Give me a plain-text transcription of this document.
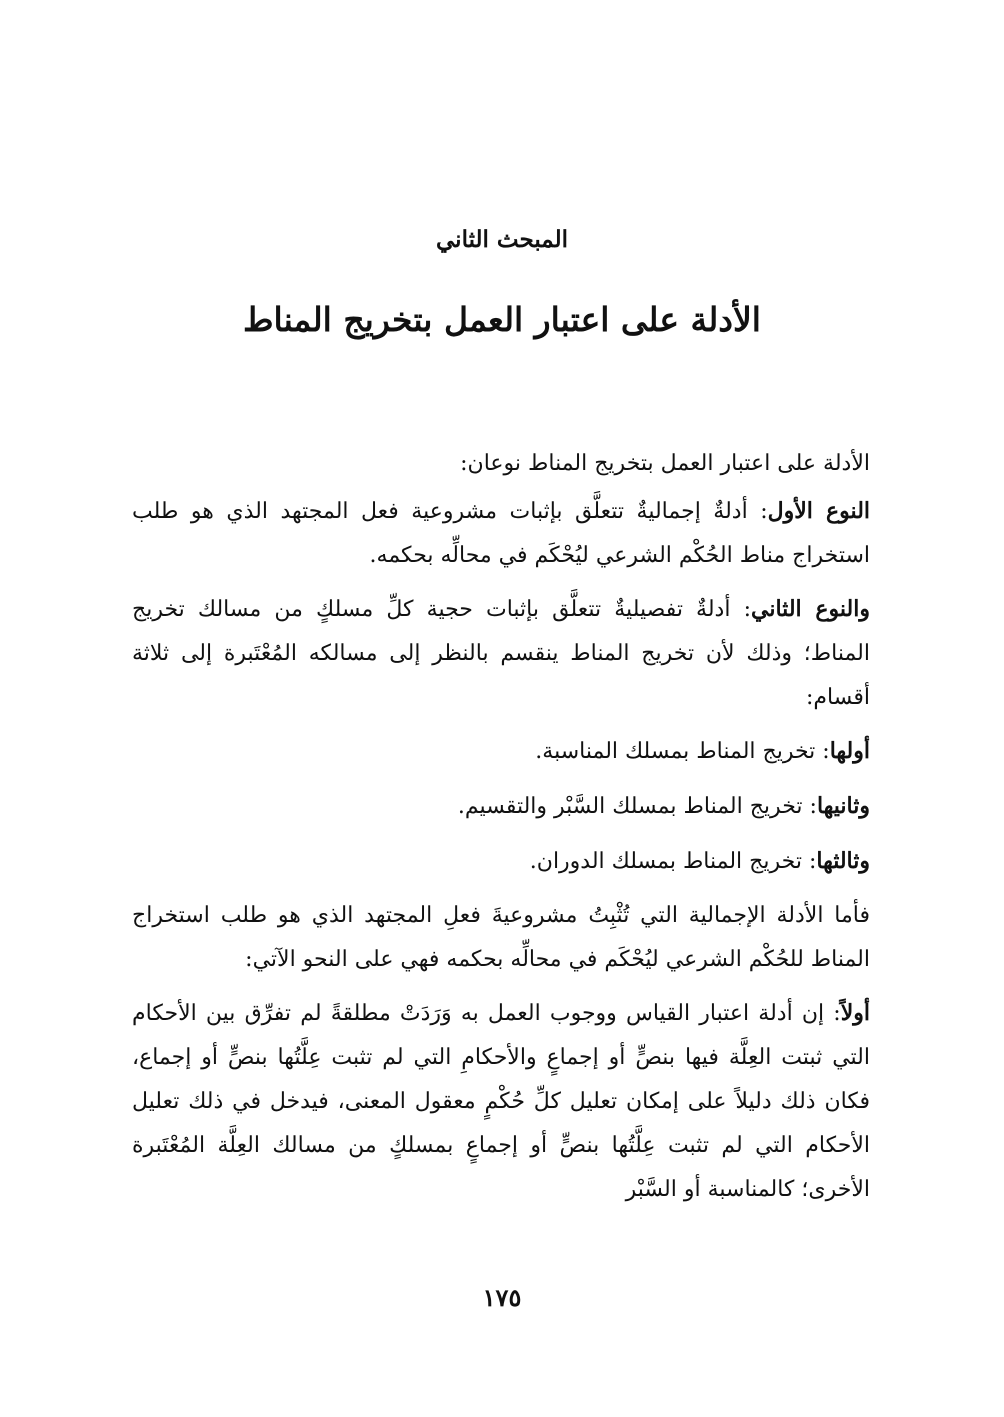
المبحث الثاني
الأدلة على اعتبار العمل بتخريج المناط

الأدلة على اعتبار العمل بتخريج المناط نوعان:

النوع الأول: أدلةٌ إجماليةٌ تتعلَّق بإثبات مشروعية فعل المجتهد الذي هو طلب استخراج مناط الحُكْم الشرعي ليُحْكَم في محالِّه بحكمه.

والنوع الثاني: أدلةٌ تفصيليةٌ تتعلَّق بإثبات حجية كلِّ مسلكٍ من مسالك تخريج المناط؛ وذلك لأن تخريج المناط ينقسم بالنظر إلى مسالكه المُعْتَبرة إلى ثلاثة أقسام:

أولها: تخريج المناط بمسلك المناسبة.

وثانيها: تخريج المناط بمسلك السَّبْر والتقسيم.

وثالثها: تخريج المناط بمسلك الدوران.

فأما الأدلة الإجمالية التي تُثْبِتُ مشروعيةَ فعلِ المجتهد الذي هو طلب استخراج المناط للحُكْم الشرعي ليُحْكَم في محالِّه بحكمه فهي على النحو الآتي:

أولاً: إن أدلة اعتبار القياس ووجوب العمل به وَرَدَتْ مطلقةً لم تفرِّق بين الأحكام التي ثبتت العِلَّة فيها بنصٍّ أو إجماعٍ والأحكامِ التي لم تثبت عِلَّتُها بنصٍّ أو إجماع، فكان ذلك دليلاً على إمكان تعليل كلِّ حُكْمٍ معقول المعنى، فيدخل في ذلك تعليل الأحكام التي لم تثبت عِلَّتُها بنصٍّ أو إجماعٍ بمسلكٍ من مسالك العِلَّة المُعْتَبرة الأخرى؛ كالمناسبة أو السَّبْر

١٧٥
